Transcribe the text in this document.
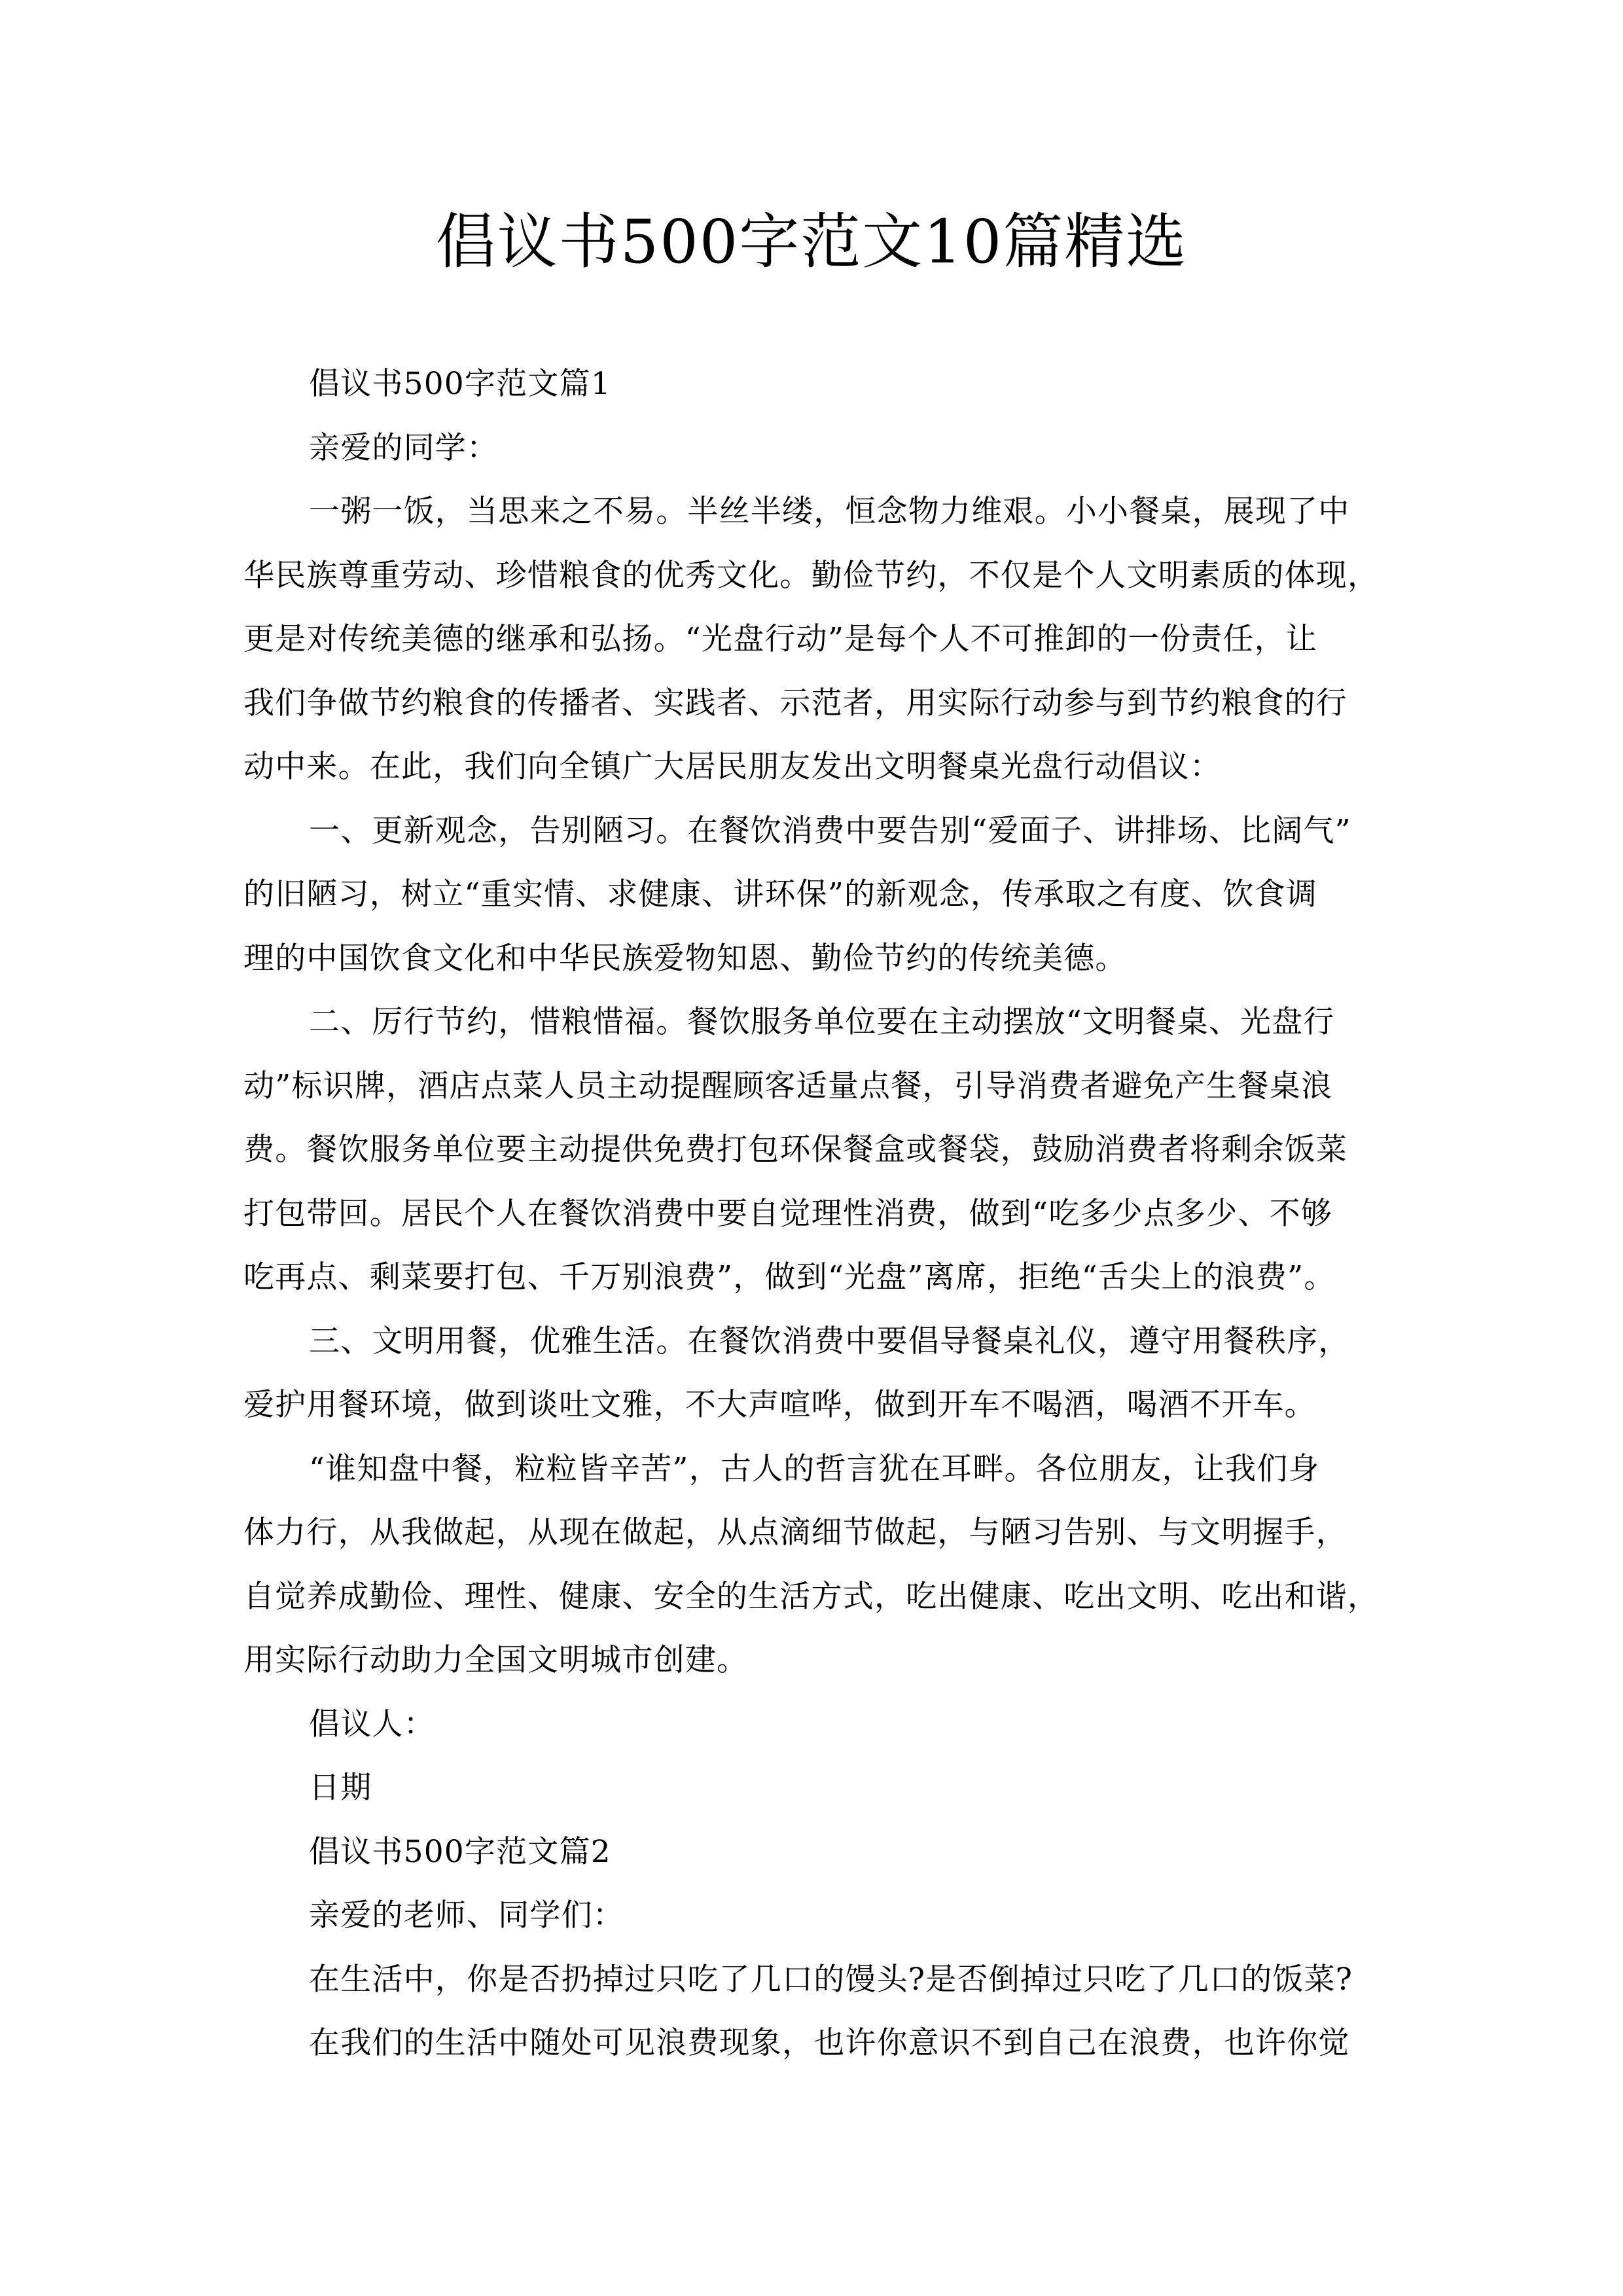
倡议书500字范文10篇精选
倡议书500字范文篇1
亲爱的同学：
一粥一饭，当思来之不易。半丝半缕，恒念物力维艰。小小餐桌，展现了中
华民族尊重劳动、珍惜粮食的优秀文化。勤俭节约，不仅是个人文明素质的体现，
更是对传统美德的继承和弘扬。“光盘行动”是每个人不可推卸的一份责任，让
我们争做节约粮食的传播者、实践者、示范者，用实际行动参与到节约粮食的行
动中来。在此，我们向全镇广大居民朋友发出文明餐桌光盘行动倡议：
一、更新观念，告别陋习。在餐饮消费中要告别“爱面子、讲排场、比阔气”
的旧陋习，树立“重实情、求健康、讲环保”的新观念，传承取之有度、饮食调
理的中国饮食文化和中华民族爱物知恩、勤俭节约的传统美德。
二、厉行节约，惜粮惜福。餐饮服务单位要在主动摆放“文明餐桌、光盘行
动”标识牌，酒店点菜人员主动提醒顾客适量点餐，引导消费者避免产生餐桌浪
费。餐饮服务单位要主动提供免费打包环保餐盒或餐袋，鼓励消费者将剩余饭菜
打包带回。居民个人在餐饮消费中要自觉理性消费，做到“吃多少点多少、不够
吃再点、剩菜要打包、千万别浪费”，做到“光盘”离席，拒绝“舌尖上的浪费”。
三、文明用餐，优雅生活。在餐饮消费中要倡导餐桌礼仪，遵守用餐秩序，
爱护用餐环境，做到谈吐文雅，不大声喧哗，做到开车不喝酒，喝酒不开车。
“谁知盘中餐，粒粒皆辛苦”，古人的哲言犹在耳畔。各位朋友，让我们身
体力行，从我做起，从现在做起，从点滴细节做起，与陋习告别、与文明握手，
自觉养成勤俭、理性、健康、安全的生活方式，吃出健康、吃出文明、吃出和谐，
用实际行动助力全国文明城市创建。
倡议人：
日期
倡议书500字范文篇2
亲爱的老师、同学们：
在生活中，你是否扔掉过只吃了几口的馒头?是否倒掉过只吃了几口的饭菜?
在我们的生活中随处可见浪费现象，也许你意识不到自己在浪费，也许你觉
